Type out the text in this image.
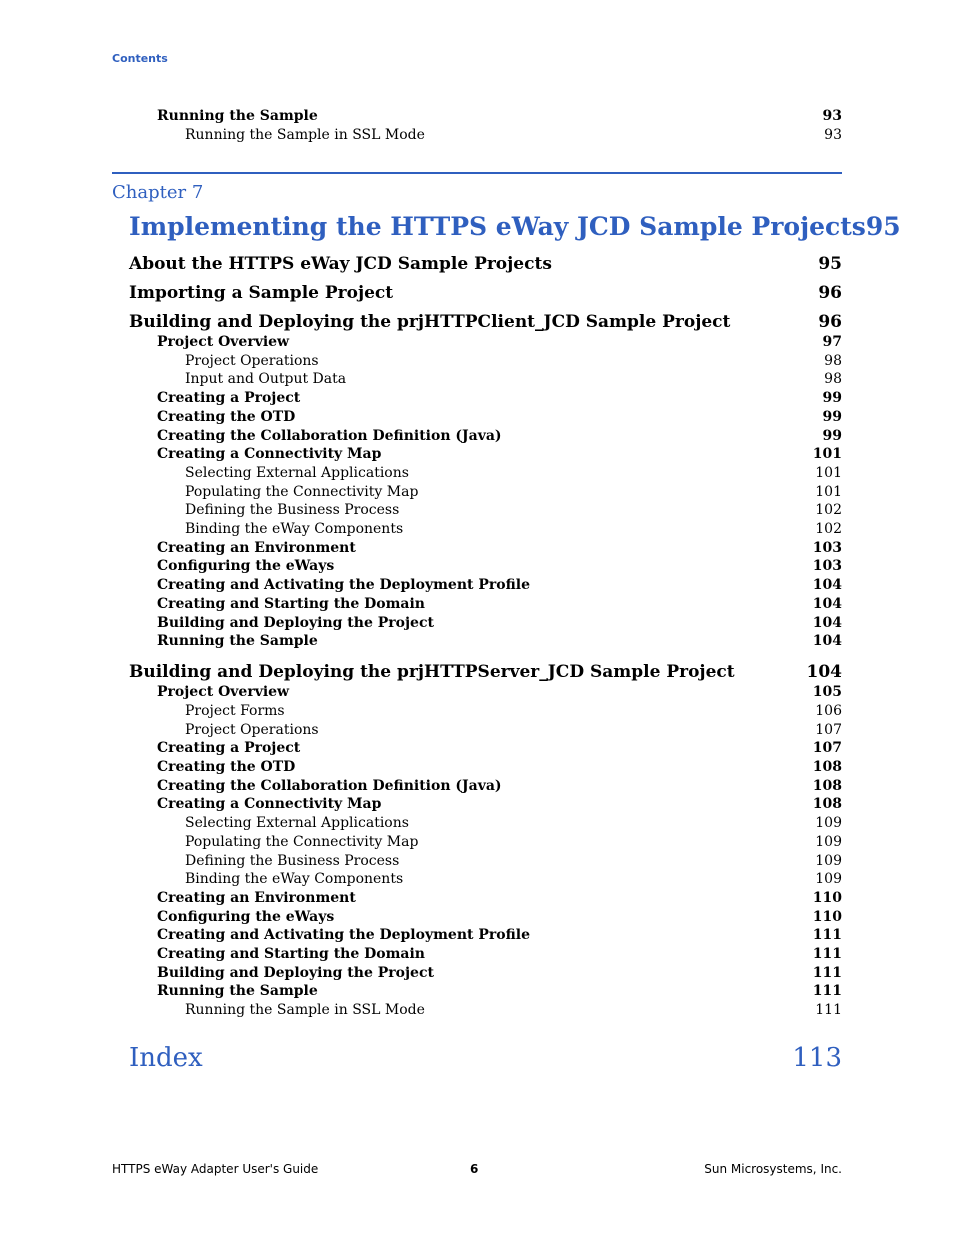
Contents
Running the Sample	93
Running the Sample in SSL Mode	93
Chapter 7
Implementing the HTTPS eWay JCD Sample Projects 95
About the HTTPS eWay JCD Sample Projects	95
Importing a Sample Project	96
Building and Deploying the prjHTTPClient_JCD Sample Project	96
Project Overview	97
Project Operations	98
Input and Output Data	98
Creating a Project	99
Creating the OTD	99
Creating the Collaboration Definition (Java)	99
Creating a Connectivity Map	101
Selecting External Applications	101
Populating the Connectivity Map	101
Defining the Business Process	102
Binding the eWay Components	102
Creating an Environment	103
Configuring the eWays	103
Creating and Activating the Deployment Profile	104
Creating and Starting the Domain	104
Building and Deploying the Project	104
Running the Sample	104
Building and Deploying the prjHTTPServer_JCD Sample Project	104
Project Overview	105
Project Forms	106
Project Operations	107
Creating a Project	107
Creating the OTD	108
Creating the Collaboration Definition (Java)	108
Creating a Connectivity Map	108
Selecting External Applications	109
Populating the Connectivity Map	109
Defining the Business Process	109
Binding the eWay Components	109
Creating an Environment	110
Configuring the eWays	110
Creating and Activating the Deployment Profile	111
Creating and Starting the Domain	111
Building and Deploying the Project	111
Running the Sample	111
Running the Sample in SSL Mode	111
Index	113
HTTPS eWay Adapter User's Guide	6	Sun Microsystems, Inc.
